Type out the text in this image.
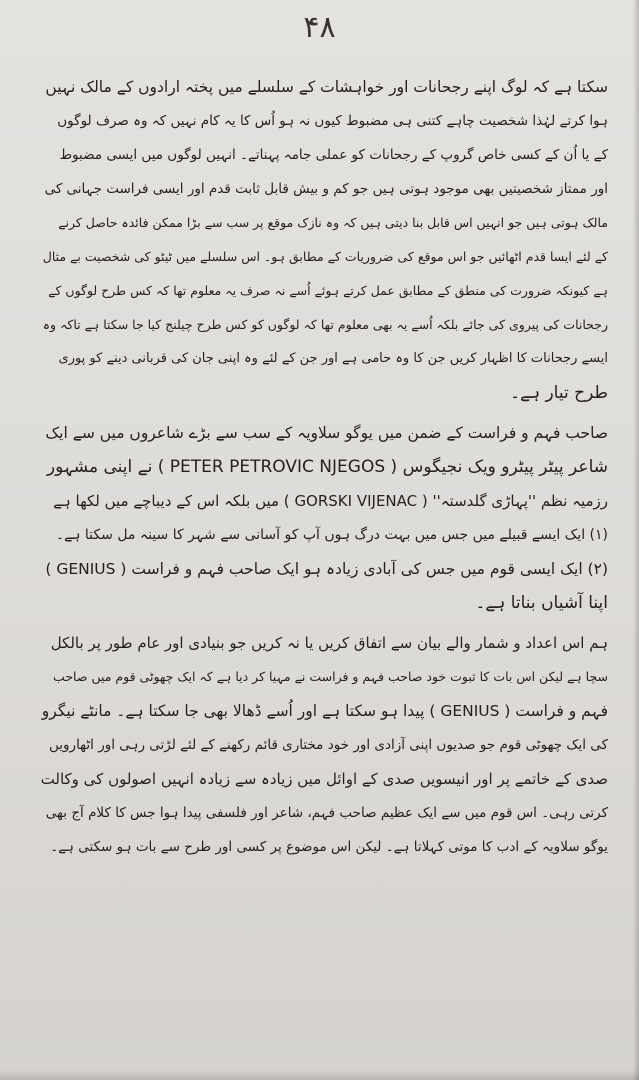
۴۸
سکتا ہے کہ لوگ اپنے رجحانات اور خواہشات کے سلسلے میں پختہ ارادوں کے مالک نہیں
ہوا کرتے لہٰذا شخصیت چاہے کتنی ہی مضبوط کیوں نہ ہو اُس کا یہ کام نہیں کہ وہ صرف لوگوں
کے یا اُن کے کسی خاص گروپ کے رجحانات کو عملی جامہ پہناتے۔ انہیں لوگوں میں ایسی مضبوط
اور ممتاز شخصیتیں بھی موجود ہوتی ہیں جو کم و بیش قابل ثابت قدم اور ایسی فراست جہانی کی
مالک ہوتی ہیں جو انہیں اس قابل بنا دیتی ہیں کہ وہ نازک موقع پر سب سے بڑا ممکن فائدہ حاصل کرنے
کے لئے ایسا قدم اٹھائیں جو اس موقع کی ضروریات کے مطابق ہو۔ اس سلسلے میں ٹیٹو کی شخصیت بے مثال
ہے کیونکہ ضرورت کی منطق کے مطابق عمل کرتے ہوئے اُسے نہ صرف یہ معلوم تھا کہ کس طرح لوگوں کے
رجحانات کی پیروی کی جائے بلکہ اُسے یہ بھی معلوم تھا کہ لوگوں کو کس طرح چیلنج کیا جا سکتا ہے تاکہ وہ
ایسے رجحانات کا اظہار کریں جن کا وہ حامی ہے اور جن کے لئے وہ اپنی جان کی قربانی دینے کو پوری
طرح تیار ہے۔
صاحب فہم و فراست کے ضمن میں یوگو سلاویہ کے سب سے بڑے شاعروں میں سے ایک
شاعر پیٹر پیٹرو ویک نجیگوس ( PETER PETROVIC NJEGOS ) نے اپنی مشہور
رزمیہ نظم ''پہاڑی گلدستہ'' ( GORSKI VIJENAC ) میں بلکہ اس کے دیباچے میں لکھا ہے
(۱) ایک ایسے قبیلے میں جس میں بہت درگ ہوں آپ کو آسانی سے شہر کا سینہ مل سکتا ہے۔
(۲) ایک ایسی قوم میں جس کی آبادی زیادہ ہو ایک صاحب فہم و فراست ( GENIUS )
اپنا آشیاں بناتا ہے۔
ہم اس اعداد و شمار والے بیان سے اتفاق کریں یا نہ کریں جو بنیادی اور عام طور پر بالکل
سچا ہے لیکن اس بات کا ثبوت خود صاحب فہم و فراست نے مہیا کر دیا ہے کہ ایک چھوٹی قوم میں صاحب
فہم و فراست ( GENIUS ) پیدا ہو سکتا ہے اور اُسے ڈھالا بھی جا سکتا ہے۔ مانٹے نیگرو
کی ایک چھوٹی قوم جو صدیوں اپنی آزادی اور خود مختاری قائم رکھنے کے لئے لڑتی رہی اور اٹھارویں
صدی کے خاتمے پر اور انیسویں صدی کے اوائل میں زیادہ سے زیادہ انہیں اصولوں کی وکالت
کرتی رہی۔ اس قوم میں سے ایک عظیم صاحب فہم، شاعر اور فلسفی پیدا ہوا جس کا کلام آج بھی
یوگو سلاویہ کے ادب کا موتی کہلاتا ہے۔ لیکن اس موضوع پر کسی اور طرح سے بات ہو سکتی ہے۔
